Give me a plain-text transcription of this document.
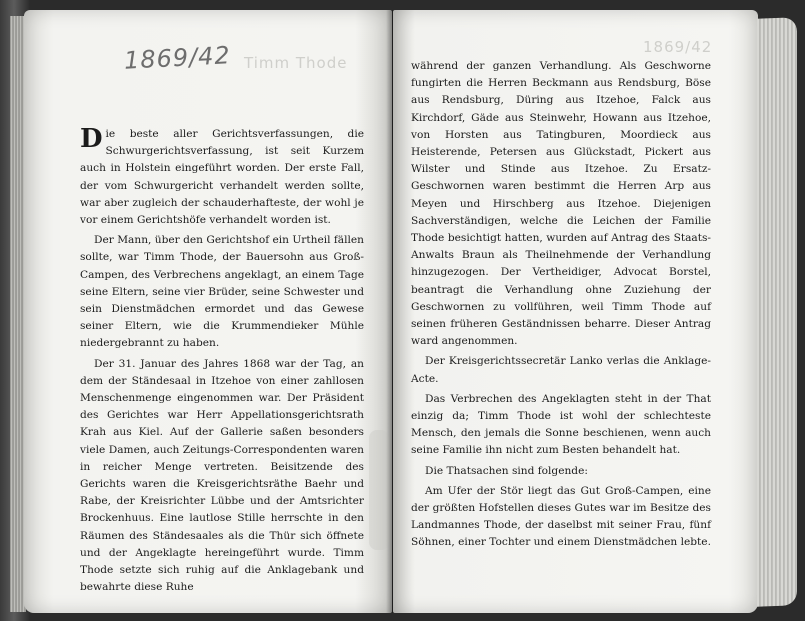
1869/42 Timm Thode

Die beste aller Gerichtsverfassungen, die Schwurgerichtsverfassung, ist seit Kurzem auch in Holstein eingeführt worden. Der erste Fall, der vom Schwurgericht verhandelt werden sollte, war aber zugleich der schauderhafteste, der wohl je vor einem Gerichtshöfe verhandelt worden ist.

Der Mann, über den Gerichtshof ein Urtheil fällen sollte, war Timm Thode, der Bauersohn aus Groß-Campen, des Verbrechens angeklagt, an einem Tage seine Eltern, seine vier Brüder, seine Schwester und sein Dienstmädchen ermordet und das Gewese seiner Eltern, wie die Krummendieker Mühle niedergebrannt zu haben.

Der 31. Januar des Jahres 1868 war der Tag, an dem der Ständesaal in Itzehoe von einer zahllosen Menschenmenge eingenommen war. Der Präsident des Gerichtes war Herr Appellationsgerichtsrath Krah aus Kiel. Auf der Gallerie saßen besonders viele Damen, auch Zeitungs-Correspondenten waren in reicher Menge vertreten. Beisitzende des Gerichts waren die Kreisgerichtsräthe Baehr und Rabe, der Kreisrichter Lübbe und der Amtsrichter Brockenhuus. Eine lautlose Stille herrschte in den Räumen des Ständesaales als die Thür sich öffnete und der Angeklagte hereingeführt wurde. Timm Thode setzte sich ruhig auf die Anklagebank und bewahrte diese Ruhe

1869/42

während der ganzen Verhandlung. Als Geschworne fungirten die Herren Beckmann aus Rendsburg, Böse aus Rendsburg, Düring aus Itzehoe, Falck aus Kirchdorf, Gäde aus Steinwehr, Howann aus Itzehoe, von Horsten aus Tatingburen, Moordieck aus Heisterende, Petersen aus Glückstadt, Pickert aus Wilster und Stinde aus Itzehoe. Zu Ersatz-Geschwornen waren bestimmt die Herren Arp aus Meyen und Hirschberg aus Itzehoe. Diejenigen Sachverständigen, welche die Leichen der Familie Thode besichtigt hatten, wurden auf Antrag des Staats-Anwalts Braun als Theilnehmende der Verhandlung hinzugezogen. Der Vertheidiger, Advocat Borstel, beantragt die Verhandlung ohne Zuziehung der Geschwornen zu vollführen, weil Timm Thode auf seinen früheren Geständnissen beharre. Dieser Antrag ward angenommen.

Der Kreisgerichtssecretär Lanko verlas die Anklage-Acte.

Das Verbrechen des Angeklagten steht in der That einzig da; Timm Thode ist wohl der schlechteste Mensch, den jemals die Sonne beschienen, wenn auch seine Familie ihn nicht zum Besten behandelt hat.

Die Thatsachen sind folgende:

Am Ufer der Stör liegt das Gut Groß-Campen, eine der größten Hofstellen dieses Gutes war im Besitze des Landmannes Thode, der daselbst mit seiner Frau, fünf Söhnen, einer Tochter und einem Dienstmädchen lebte.
